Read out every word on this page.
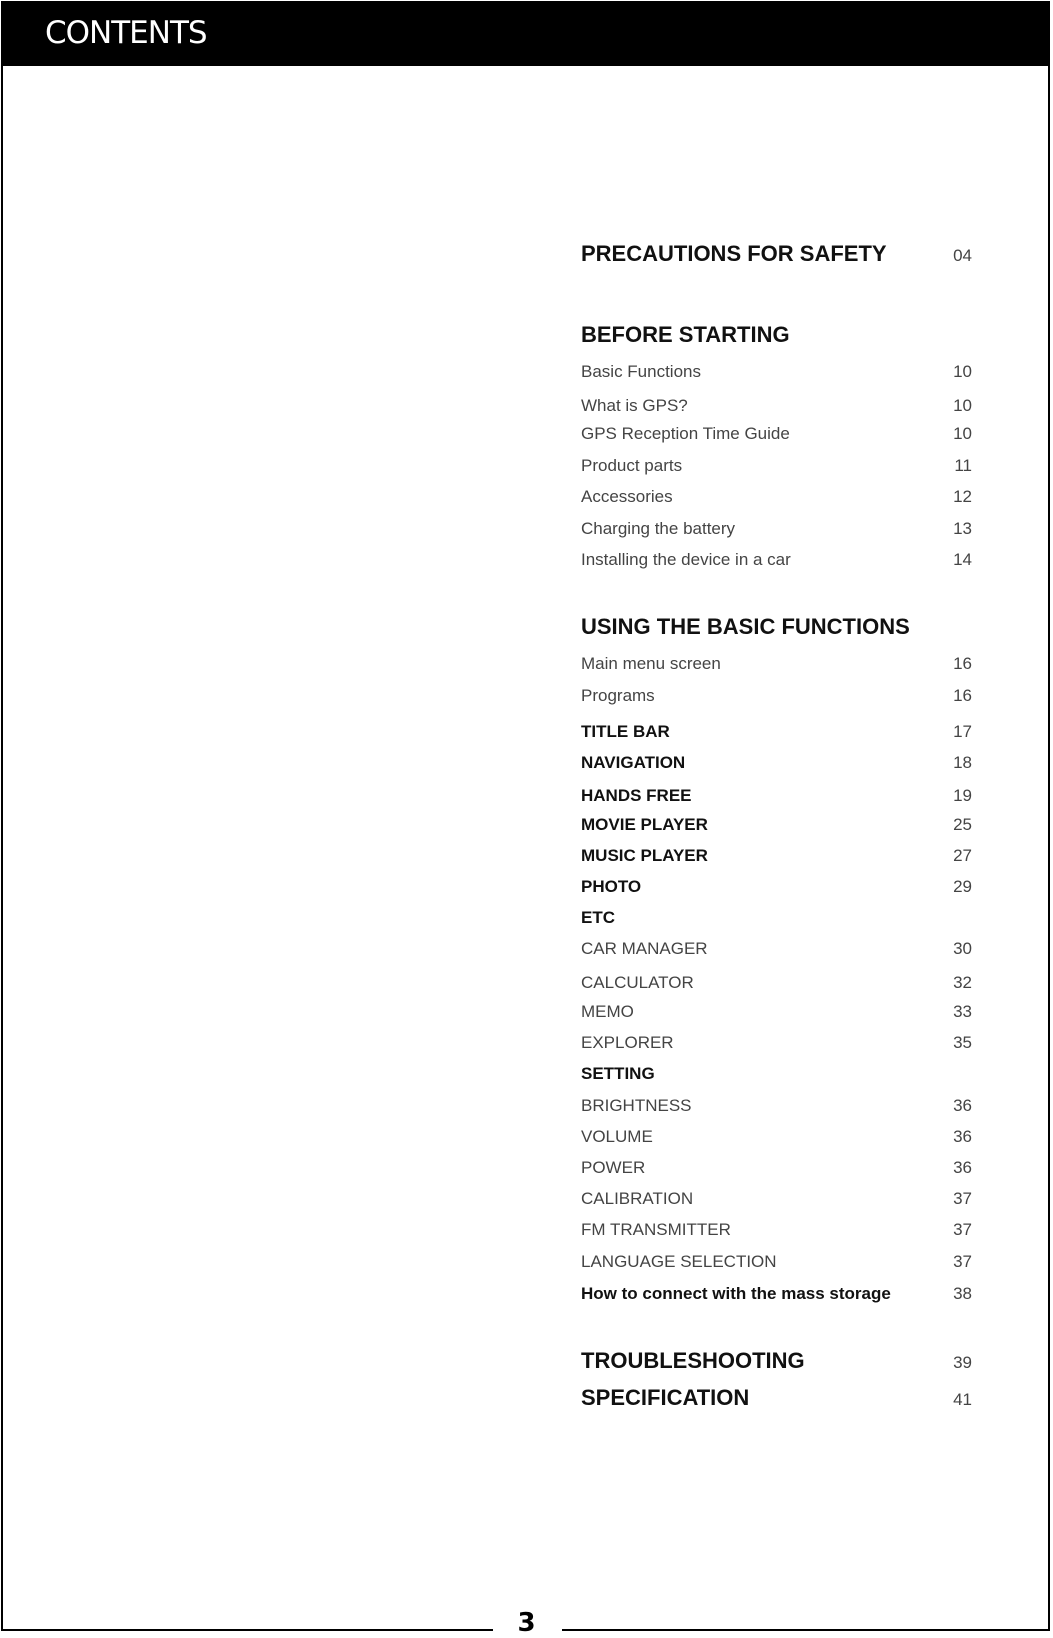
CONTENTS
PRECAUTIONS FOR SAFETY	04
BEFORE STARTING
Basic Functions	10
What is GPS?	10
GPS Reception Time Guide	10
Product parts	11
Accessories	12
Charging the battery	13
Installing the device in a car	14
USING THE BASIC FUNCTIONS
Main menu screen	16
Programs	16
TITLE BAR	17
NAVIGATION	18
HANDS FREE	19
MOVIE PLAYER	25
MUSIC PLAYER	27
PHOTO	29
ETC
CAR MANAGER	30
CALCULATOR	32
MEMO	33
EXPLORER	35
SETTING
BRIGHTNESS	36
VOLUME	36
POWER	36
CALIBRATION	37
FM TRANSMITTER	37
LANGUAGE SELECTION	37
How to connect with the mass storage	38
TROUBLESHOOTING	39
SPECIFICATION	41
3
